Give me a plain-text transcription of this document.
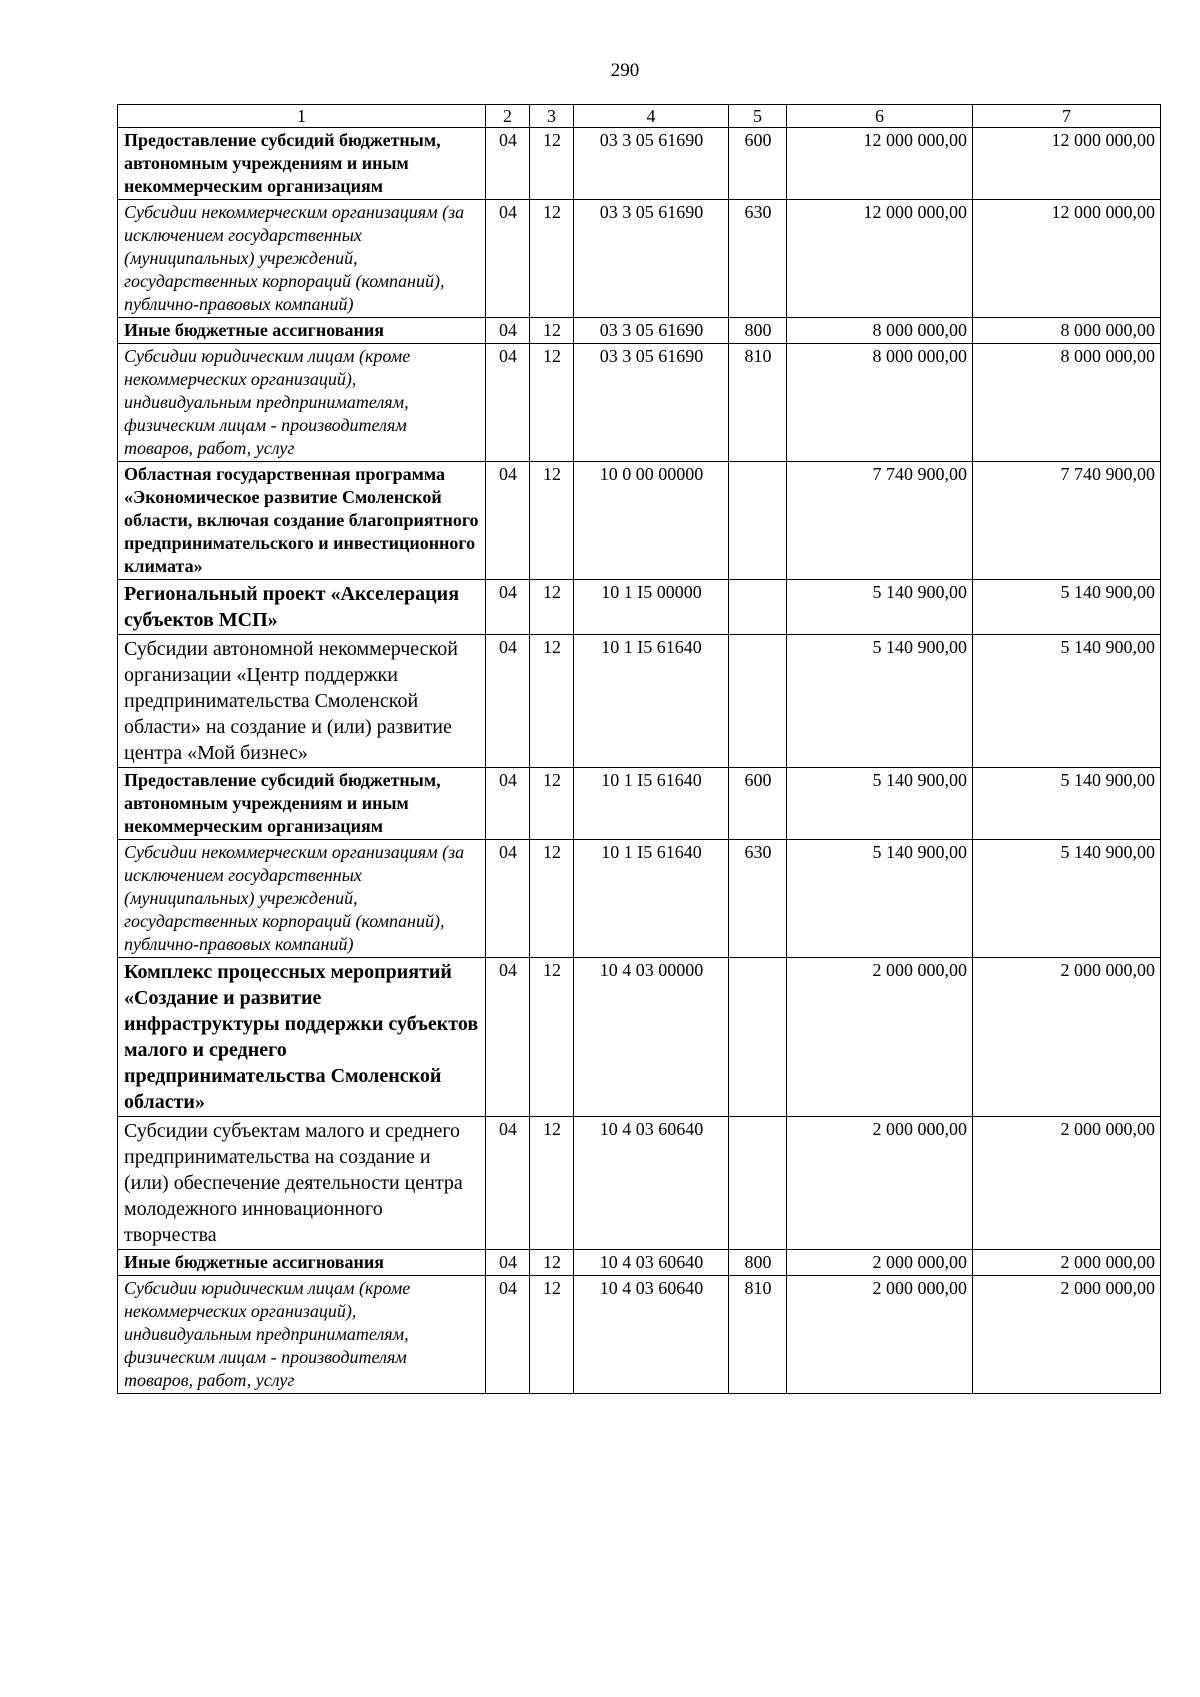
290
1	2	3	4	5	6	7
Предоставление субсидий бюджетным, автономным учреждениям и иным некоммерческим организациям	04	12	03 3 05 61690	600	12 000 000,00	12 000 000,00
Субсидии некоммерческим организациям (за исключением государственных (муниципальных) учреждений, государственных корпораций (компаний), публично-правовых компаний)	04	12	03 3 05 61690	630	12 000 000,00	12 000 000,00
Иные бюджетные ассигнования	04	12	03 3 05 61690	800	8 000 000,00	8 000 000,00
Субсидии юридическим лицам (кроме некоммерческих организаций), индивидуальным предпринимателям, физическим лицам - производителям товаров, работ, услуг	04	12	03 3 05 61690	810	8 000 000,00	8 000 000,00
Областная государственная программа «Экономическое развитие Смоленской области, включая создание благоприятного предпринимательского и инвестиционного климата»	04	12	10 0 00 00000		7 740 900,00	7 740 900,00
Региональный проект «Акселерация субъектов МСП»	04	12	10 1 I5 00000		5 140 900,00	5 140 900,00
Субсидии автономной некоммерческой организации «Центр поддержки предпринимательства Смоленской области» на создание и (или) развитие центра «Мой бизнес»	04	12	10 1 I5 61640		5 140 900,00	5 140 900,00
Предоставление субсидий бюджетным, автономным учреждениям и иным некоммерческим организациям	04	12	10 1 I5 61640	600	5 140 900,00	5 140 900,00
Субсидии некоммерческим организациям (за исключением государственных (муниципальных) учреждений, государственных корпораций (компаний), публично-правовых компаний)	04	12	10 1 I5 61640	630	5 140 900,00	5 140 900,00
Комплекс процессных мероприятий «Создание и развитие инфраструктуры поддержки субъектов малого и среднего предпринимательства Смоленской области»	04	12	10 4 03 00000		2 000 000,00	2 000 000,00
Субсидии субъектам малого и среднего предпринимательства на создание и (или) обеспечение деятельности центра молодежного инновационного творчества	04	12	10 4 03 60640		2 000 000,00	2 000 000,00
Иные бюджетные ассигнования	04	12	10 4 03 60640	800	2 000 000,00	2 000 000,00
Субсидии юридическим лицам (кроме некоммерческих организаций), индивидуальным предпринимателям, физическим лицам - производителям товаров, работ, услуг	04	12	10 4 03 60640	810	2 000 000,00	2 000 000,00
